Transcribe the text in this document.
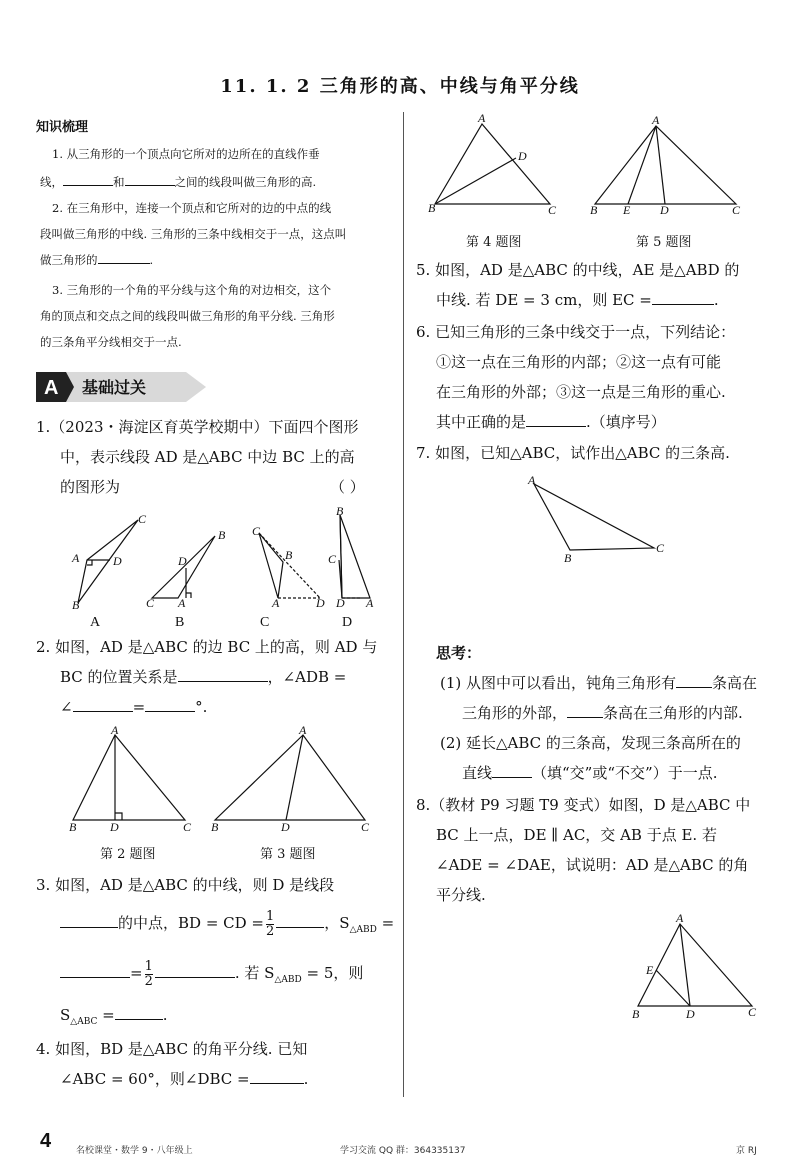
11. 1. 2 三角形的高、中线与角平分线
知识梳理
1. 从三角形的一个顶点向它所对的边所在的直线作垂
线，	和	之间的线段叫做三角形的高.
2. 在三角形中，连接一个顶点和它所对的边的中点的线
段叫做三角形的中线. 三角形的三条中线相交于一点，这点叫
做三角形的	.
3. 三角形的一个角的平分线与这个角的对边相交，这个
角的顶点和交点之间的线段叫做三角形的角平分线. 三角形
的三条角平分线相交于一点.
A 基础过关
1.（2023・海淀区育英学校期中）下面四个图形
中，表示线段 AD 是△ABC 中边 BC 上的高
的图形为	（ ）
C
A	D
B
B
D
C A
C
B
A	D
B
C
D A
A	B	C	D
2. 如图，AD 是△ABC 的边 BC 上的高，则 AD 与
BC 的位置关系是	，∠ADB =
∠	=	°.
A
B	D	C
A
B	D	C
第 2 题图	第 3 题图
3. 如图，AD 是△ABC 的中线，则 D 是线段
的中点，BD = CD = $\frac{1}{2}$	，$S_{\triangle ABD}$ =
= $\frac{1}{2}$	. 若 $S_{\triangle ABD} = 5$，则
$S_{\triangle ABC}$ =	.
4. 如图，BD 是△ABC 的角平分线. 已知
∠ABC = 60°，则∠DBC =	.
A
D
B	C
A
B E D	C
第 4 题图	第 5 题图
5. 如图，AD 是△ABC 的中线，AE 是△ABD 的
中线. 若 DE = 3 cm，则 EC =	.
6. 已知三角形的三条中线交于一点，下列结论：
①这一点在三角形的内部；②这一点有可能
在三角形的外部；③这一点是三角形的重心.
其中正确的是	.（填序号）
7. 如图，已知△ABC，试作出△ABC 的三条高.
A
B
C
思考：
(1) 从图中可以看出，钝角三角形有 条高在
三角形的外部， 条高在三角形的内部.
(2) 延长△ABC 的三条高，发现三条高所在的
直线	（填“交”或“不交”）于一点.
8.（教材 P9 习题 T9 变式）如图，D 是△ABC 中
BC 上一点，DE ∥ AC，交 AB 于点 E. 若
∠ADE = ∠DAE，试说明：AD 是△ABC 的角
平分线.
A
E
B	D	C
4	名校课堂・数学 9・八年级上	学习交流 QQ 群：364335137	京 RJ
